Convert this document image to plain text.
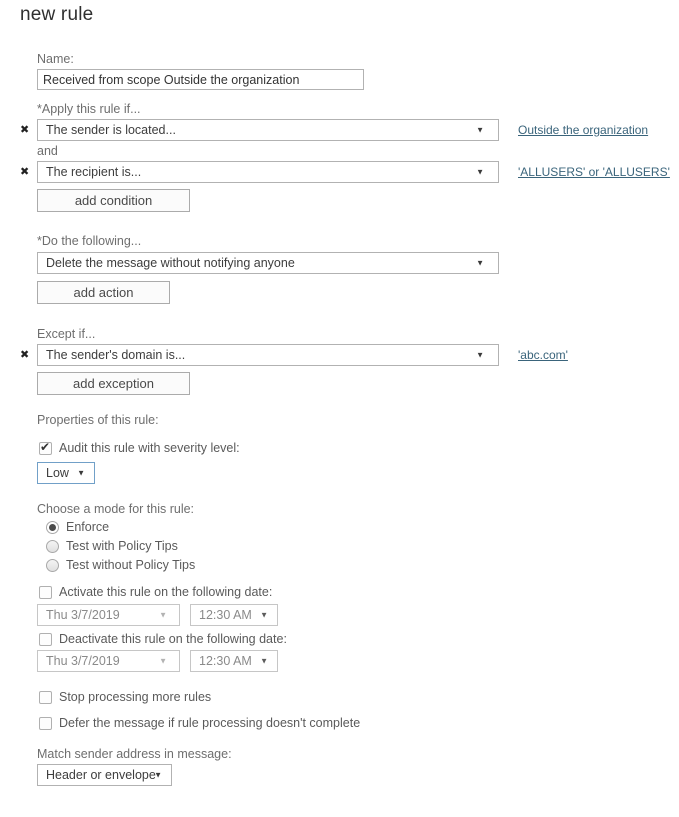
new rule
Name:
Received from scope Outside the organization
*Apply this rule if...
✖	The sender is located...	▼	Outside the organization
and
✖	The recipient is...	▼	'ALLUSERS' or 'ALLUSERS'
add condition
*Do the following...
Delete the message without notifying anyone	▼
add action
Except if...
✖	The sender's domain is...	▼	'abc.com'
add exception
Properties of this rule:
✔ Audit this rule with severity level:
Low ▼
Choose a mode for this rule:
Enforce
Test with Policy Tips
Test without Policy Tips
Activate this rule on the following date:
Thu 3/7/2019	▼	12:30 AM ▼
Deactivate this rule on the following date:
Thu 3/7/2019	▼	12:30 AM ▼
Stop processing more rules
Defer the message if rule processing doesn't complete
Match sender address in message:
Header or envelope
▼
